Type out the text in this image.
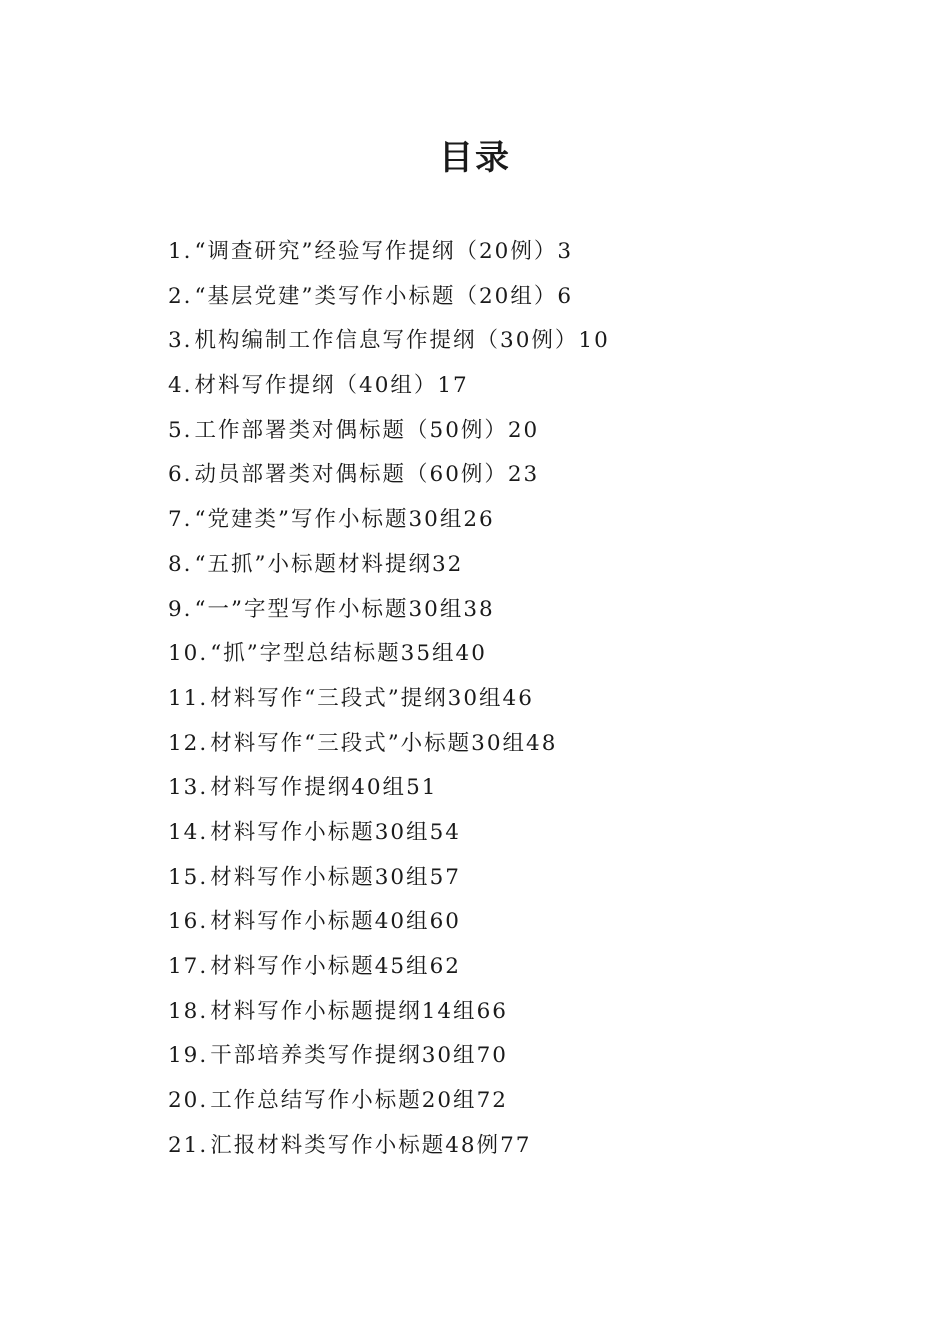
目录
1. “调查研究”经验写作提纲（20例） 3
2. “基层党建”类写作小标题（20组） 6
3. 机构编制工作信息写作提纲（30例） 10
4. 材料写作提纲（40组） 17
5. 工作部署类对偶标题（50例） 20
6. 动员部署类对偶标题（60例） 23
7. “党建类”写作小标题30组 26
8. “五抓”小标题材料提纲 32
9. “一”字型写作小标题30组 38
10. “抓”字型总结标题35组 40
11. 材料写作“三段式”提纲30组 46
12. 材料写作“三段式”小标题30组 48
13. 材料写作提纲40组 51
14. 材料写作小标题30组 54
15. 材料写作小标题30组 57
16. 材料写作小标题40组 60
17. 材料写作小标题45组 62
18. 材料写作小标题提纲14组 66
19. 干部培养类写作提纲30组 70
20. 工作总结写作小标题20组 72
21. 汇报材料类写作小标题48例 77
